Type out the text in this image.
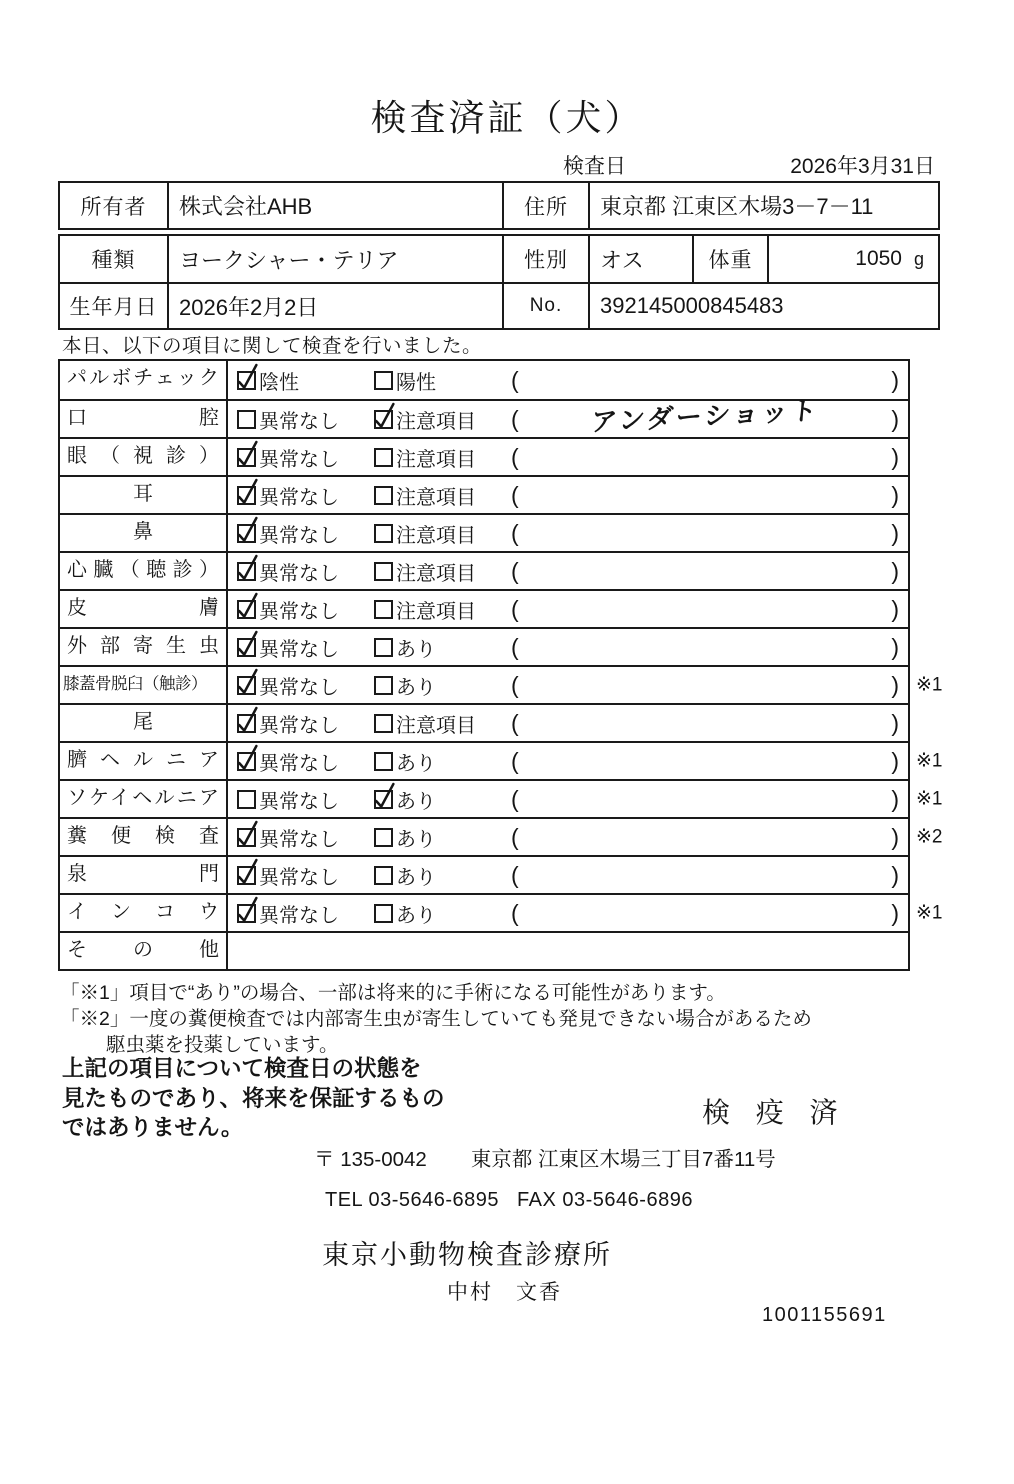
検査済証（犬）
検査日	2026年3月31日
所有者	株式会社AHB	住所	東京都 江東区木場3－7－11
種類	ヨークシャー・テリア	性別	オス	体重	1050 g
生年月日 2026年2月2日	No.	392145000845483
本日、以下の項目に関して検査を行いました。
パルボチェック	陰性	陽性	(	)
口腔	異常なし	注意項目 (	アンダーショット	)
眼（視診）	異常なし	注意項目 (	)
耳	異常なし	注意項目 (	)
鼻	異常なし	注意項目 (	)
心臓（聴診）	異常なし	注意項目 (	)
皮膚	異常なし	注意項目 (	)
外部寄生虫	異常なし	あり	(	)
膝蓋骨脱臼（触診）	異常なし	あり	(	) ※1
尾	異常なし	注意項目 (	)
臍ヘルニア	異常なし	あり	(	) ※1
ソケイヘルニア	異常なし	あり	(	) ※1
糞便検査	異常なし	あり	(	) ※2
泉門	異常なし	あり	(	)
インコウ	異常なし	あり	(	) ※1
その他
「※1」項目で“あり”の場合、一部は将来的に手術になる可能性があります。
「※2」一度の糞便検査では内部寄生虫が寄生していても発見できない場合があるため
駆虫薬を投薬しています。
上記の項目について検査日の状態を
見たものであり、将来を保証するもの
ではありません。	検 疫 済
〒 135-0042 東京都 江東区木場三丁目7番11号
TEL 03-5646-6895 FAX 03-5646-6896
東京小動物検査診療所
中村　文香
1001155691
